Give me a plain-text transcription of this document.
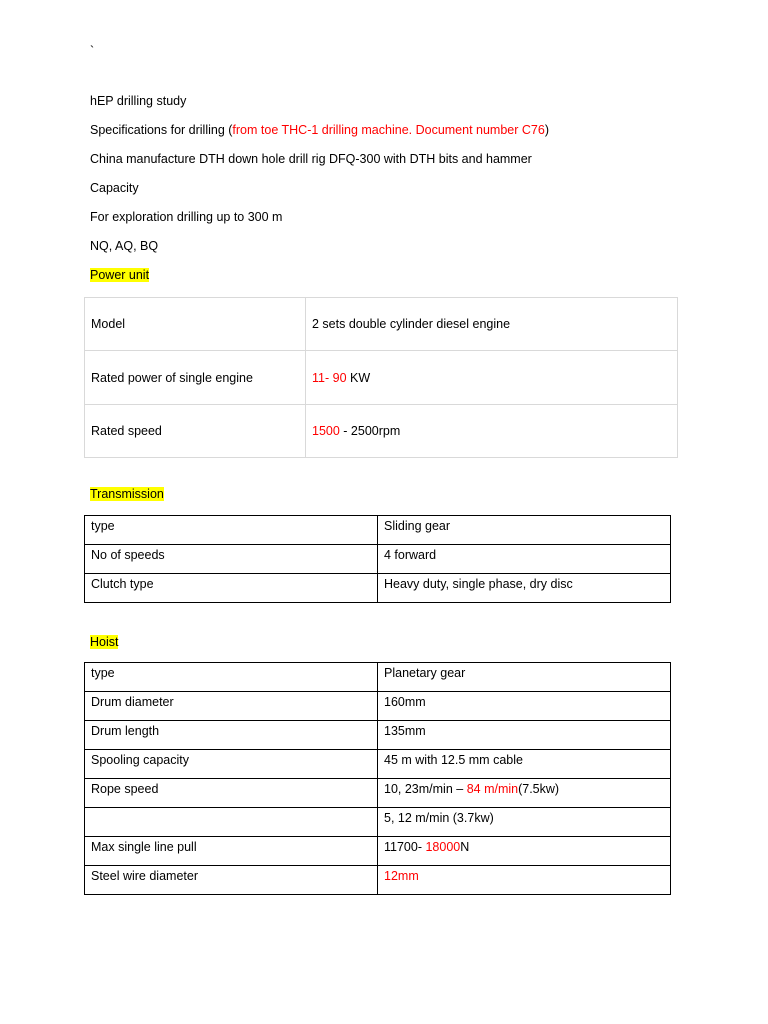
`
hEP drilling study
Specifications for drilling (from toe THC-1 drilling machine. Document number C76)
China manufacture DTH down hole drill rig DFQ-300 with DTH bits and hammer
Capacity
For exploration drilling up to 300 m
NQ, AQ, BQ
Power unit
Model	2 sets double cylinder diesel engine
Rated power of single engine	11- 90 KW
Rated speed	1500 - 2500rpm
Transmission
type	Sliding gear
No of speeds	4 forward
Clutch type	Heavy duty, single phase, dry disc
Hoist
type	Planetary gear
Drum diameter	160mm
Drum length	135mm
Spooling capacity	45 m with 12.5 mm cable
Rope speed	10, 23m/min – 84 m/min(7.5kw)
	5, 12 m/min (3.7kw)
Max single line pull	11700- 18000N
Steel wire diameter	12mm
